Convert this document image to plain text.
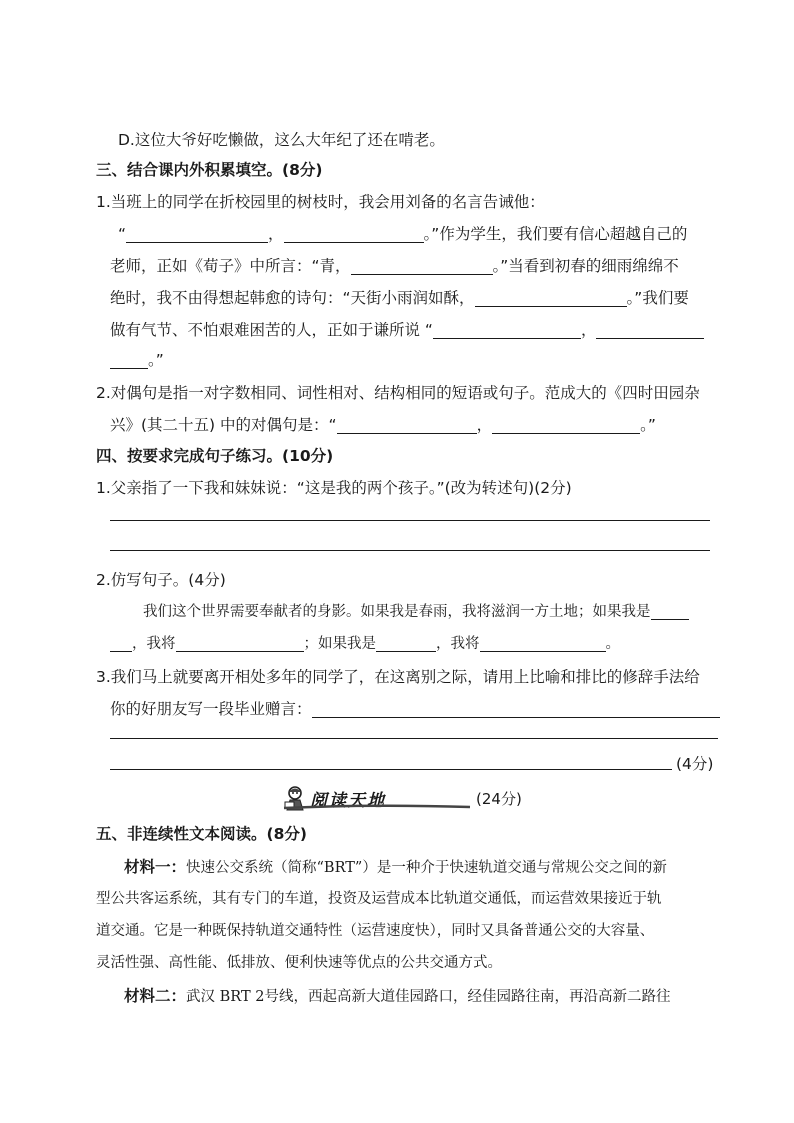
D.这位大爷好吃懒做，这么大年纪了还在啃老。
三、结合课内外积累填空。(8分)
1.当班上的同学在折校园里的树枝时，我会用刘备的名言告诫他：
“	，	。”作为学生，我们要有信心超越自己的
老师，正如《荀子》中所言：“青，	。”当看到初春的细雨绵绵不
绝时，我不由得想起韩愈的诗句：“天街小雨润如酥，	。”我们要
做有气节、不怕艰难困苦的人，正如于谦所说 “	，
。”
2.对偶句是指一对字数相同、词性相对、结构相同的短语或句子。范成大的《四时田园杂
兴》(其二十五) 中的对偶句是：“	，	。”
四、按要求完成句子练习。(10分)
1.父亲指了一下我和妹妹说：“这是我的两个孩子。”(改为转述句)(2分)
2.仿写句子。(4分)
我们这个世界需要奉献者的身影。如果我是春雨，我将滋润一方土地；如果我是
，我将	；如果我是	，我将	。
3.我们马上就要离开相处多年的同学了，在这离别之际，请用上比喻和排比的修辞手法给
你的好朋友写一段毕业赠言：
(4分)
阅读天地	(24分)
五、非连续性文本阅读。(8分)
材料一：快速公交系统（简称“BRT”）是一种介于快速轨道交通与常规公交之间的新
型公共客运系统，其有专门的车道，投资及运营成本比轨道交通低，而运营效果接近于轨
道交通。它是一种既保持轨道交通特性（运营速度快），同时又具备普通公交的大容量、
灵活性强、高性能、低排放、便利快速等优点的公共交通方式。
材料二：武汉 BRT 2号线，西起高新大道佳园路口，经佳园路往南，再沿高新二路往
